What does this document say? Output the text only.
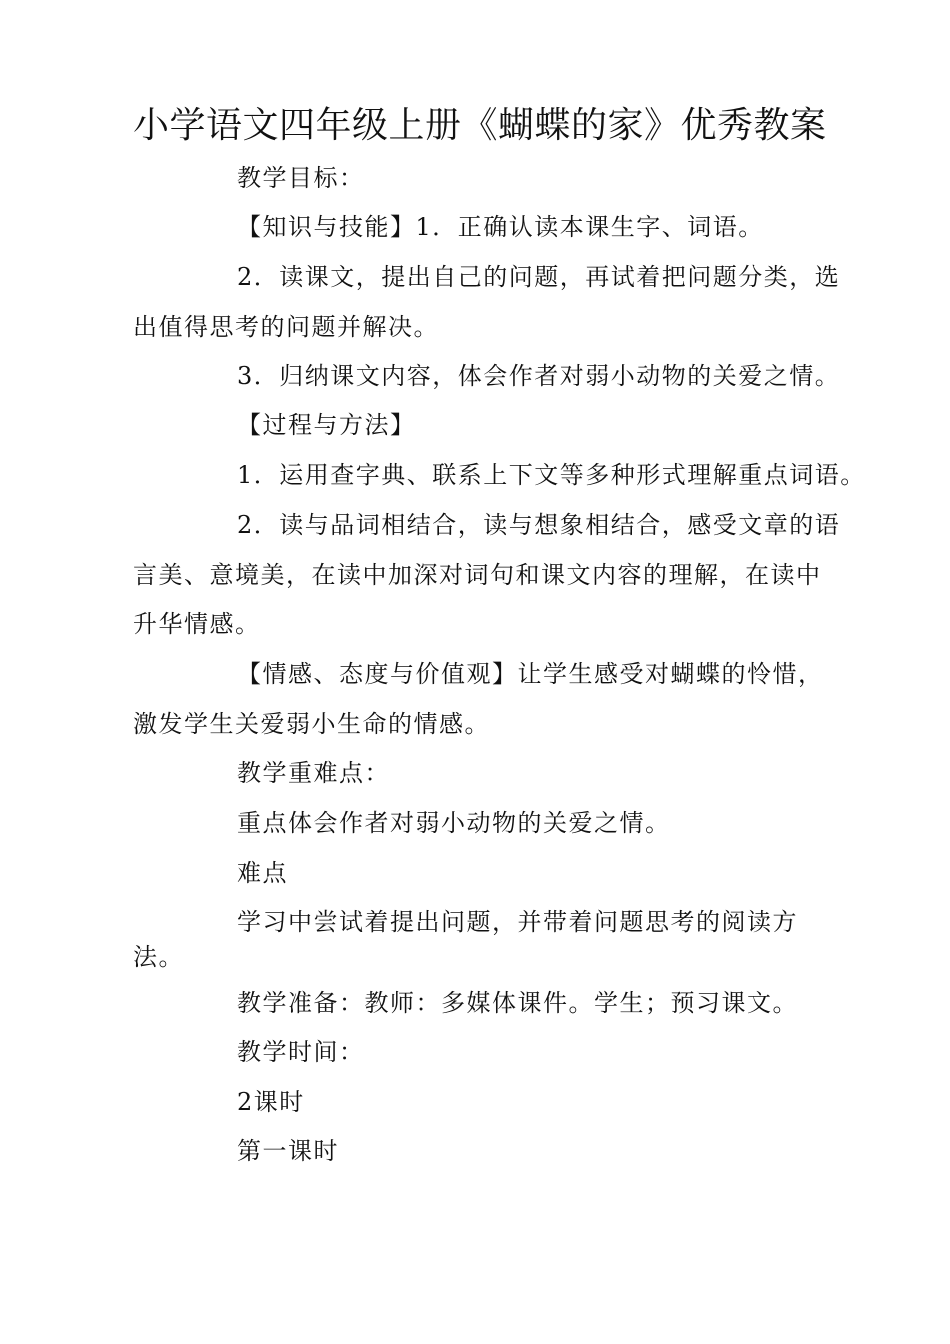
小学语文四年级上册《蝴蝶的家》优秀教案
教学目标：
【知识与技能】1．正确认读本课生字、词语。
2．读课文，提出自己的问题，再试着把问题分类，选
出值得思考的问题并解决。
3．归纳课文内容，体会作者对弱小动物的关爱之情。
【过程与方法】
1．运用查字典、联系上下文等多种形式理解重点词语。
2．读与品词相结合，读与想象相结合，感受文章的语
言美、意境美，在读中加深对词句和课文内容的理解，在读中
升华情感。
【情感、态度与价值观】让学生感受对蝴蝶的怜惜，
激发学生关爱弱小生命的情感。
教学重难点：
重点体会作者对弱小动物的关爱之情。
难点
学习中尝试着提出问题，并带着问题思考的阅读方
法。
教学准备：教师：多媒体课件。学生；预习课文。
教学时间：
2课时
第一课时
